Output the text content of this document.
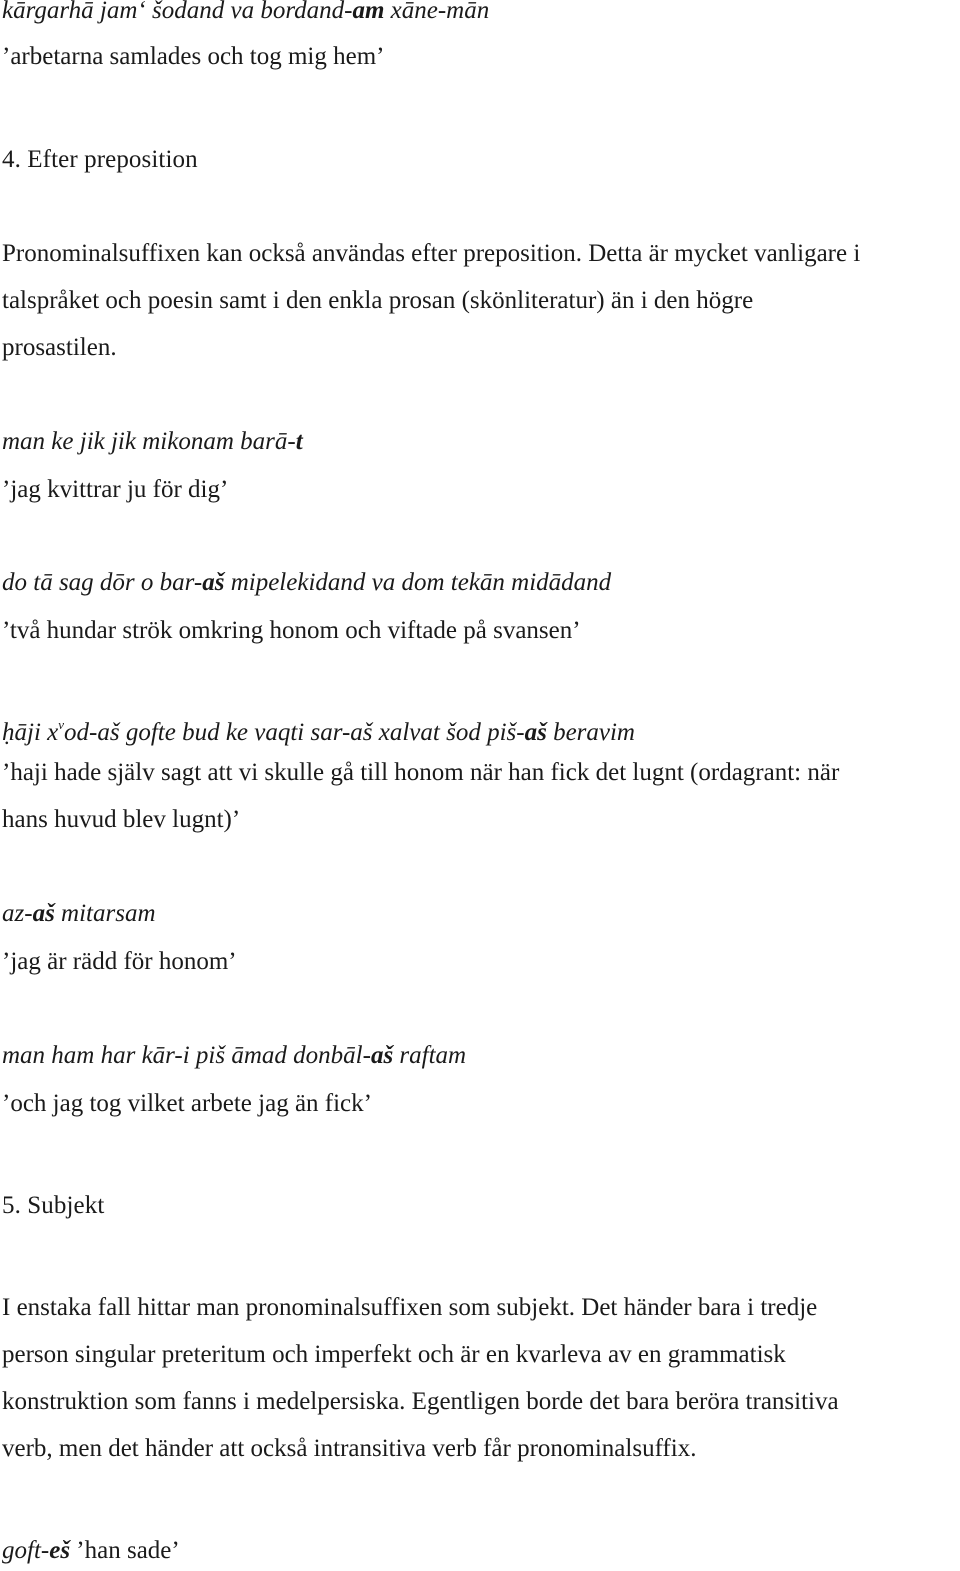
kārgarhā jam‘ šodand va bordand-am xāne-mān
’arbetarna samlades och tog mig hem’
4. Efter preposition
Pronominalsuffixen kan också användas efter preposition. Detta är mycket vanligare i
talspråket och poesin samt i den enkla prosan (skönliteratur) än i den högre
prosastilen.
man ke jik jik mikonam barā-t
’jag kvittrar ju för dig’
do tā sag dōr o bar-aš mipelekidand va dom tekān midādand
’två hundar strök omkring honom och viftade på svansen’
ḥāji $x^vod-aš$ gofte bud ke vaqti sar-aš xalvat šod piš-aš beravim
’haji hade själv sagt att vi skulle gå till honom när han fick det lugnt (ordagrant: när
hans huvud blev lugnt)’
az-aš mitarsam
’jag är rädd för honom’
man ham har kār-i piš āmad donbāl-aš raftam
’och jag tog vilket arbete jag än fick’
5. Subjekt
I enstaka fall hittar man pronominalsuffixen som subjekt. Det händer bara i tredje
person singular preteritum och imperfekt och är en kvarleva av en grammatisk
konstruktion som fanns i medelpersiska. Egentligen borde det bara beröra transitiva
verb, men det händer att också intransitiva verb får pronominalsuffix.
goft-eš ’han sade’
